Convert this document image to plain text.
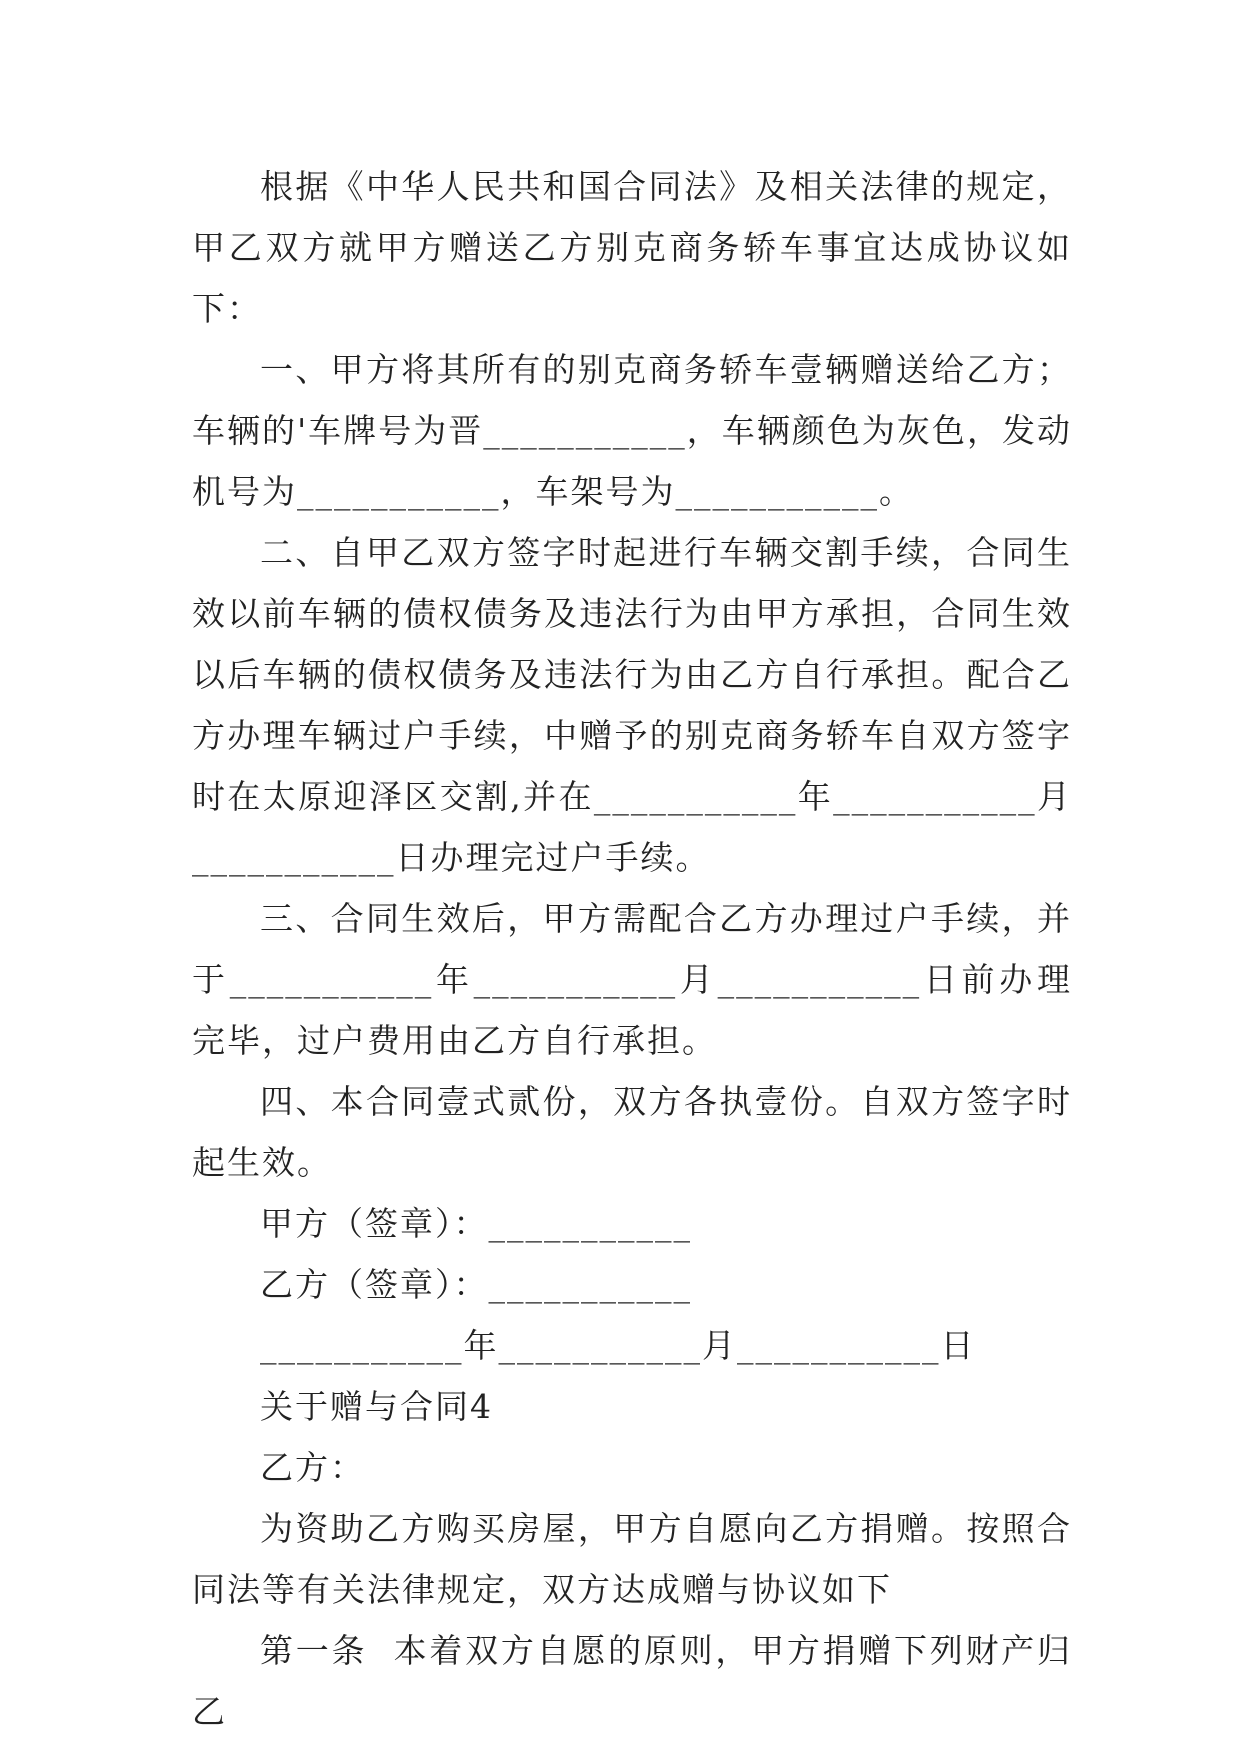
根据《中华人民共和国合同法》及相关法律的规定，甲乙双方就甲方赠送乙方别克商务轿车事宜达成协议如下：

一、甲方将其所有的别克商务轿车壹辆赠送给乙方；车辆的'车牌号为晋___________，车辆颜色为灰色，发动机号为___________，车架号为___________。

二、自甲乙双方签字时起进行车辆交割手续，合同生效以前车辆的债权债务及违法行为由甲方承担，合同生效以后车辆的债权债务及违法行为由乙方自行承担。配合乙方办理车辆过户手续，中赠予的别克商务轿车自双方签字时在太原迎泽区交割,并在___________年___________月___________日办理完过户手续。

三、合同生效后，甲方需配合乙方办理过户手续，并于___________年___________月___________日前办理完毕，过户费用由乙方自行承担。

四、本合同壹式贰份，双方各执壹份。自双方签字时起生效。

甲方（签章）：___________

乙方（签章）：___________

___________年___________月___________日

关于赠与合同4

乙方：

为资助乙方购买房屋，甲方自愿向乙方捐赠。按照合同法等有关法律规定，双方达成赠与协议如下

第一条  本着双方自愿的原则，甲方捐赠下列财产归乙
